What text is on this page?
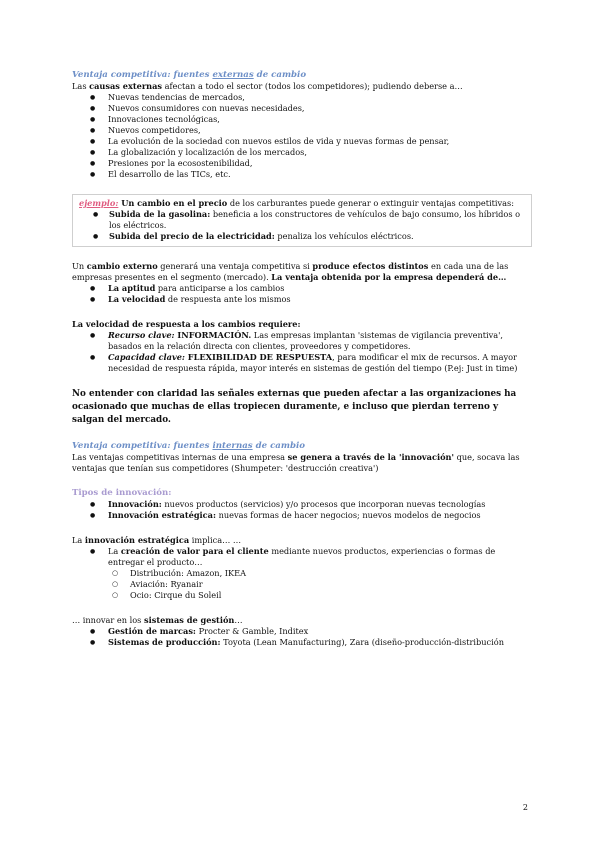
Ventaja competitiva: fuentes externas de cambio

Las causas externas afectan a todo el sector (todos los competidores); pudiendo deberse a…

● Nuevas tendencias de mercados,
● Nuevos consumidores con nuevas necesidades,
● Innovaciones tecnológicas,
● Nuevos competidores,
● La evolución de la sociedad con nuevos estilos de vida y nuevas formas de pensar,
● La globalización y localización de los mercados,
● Presiones por la ecosostenibilidad,
● El desarrollo de las TICs, etc.

ejemplo: Un cambio en el precio de los carburantes puede generar o extinguir ventajas competitivas:

● Subida de la gasolina: beneficia a los constructores de vehículos de bajo consumo, los híbridos o los eléctricos.
● Subida del precio de la electricidad: penaliza los vehículos eléctricos.

Un cambio externo generará una ventaja competitiva si produce efectos distintos en cada una de las empresas presentes en el segmento (mercado). La ventaja obtenida por la empresa dependerá de…

● La aptitud para anticiparse a los cambios
● La velocidad de respuesta ante los mismos

La velocidad de respuesta a los cambios requiere:

● Recurso clave: INFORMACIÓN. Las empresas implantan 'sistemas de vigilancia preventiva', basados en la relación directa con clientes, proveedores y competidores.
● Capacidad clave: FLEXIBILIDAD DE RESPUESTA, para modificar el mix de recursos. A mayor necesidad de respuesta rápida, mayor interés en sistemas de gestión del tiempo (P.ej: Just in time)

No entender con claridad las señales externas que pueden afectar a las organizaciones ha ocasionado que muchas de ellas tropiecen duramente, e incluso que pierdan terreno y salgan del mercado.

Ventaja competitiva: fuentes internas de cambio

Las ventajas competitivas internas de una empresa se genera a través de la 'innovación' que, socava las ventajas que tenían sus competidores (Shumpeter: 'destrucción creativa')

Tipos de innovación:

● Innovación: nuevos productos (servicios) y/o procesos que incorporan nuevas tecnologías
● Innovación estratégica: nuevas formas de hacer negocios; nuevos modelos de negocios

La innovación estratégica implica… …

● La creación de valor para el cliente mediante nuevos productos, experiencias o formas de entregar el producto…
○ Distribución: Amazon, IKEA
○ Aviación: Ryanair
○ Ocio: Cirque du Soleil

… innovar en los sistemas de gestión…

● Gestión de marcas: Procter & Gamble, Inditex
● Sistemas de producción: Toyota (Lean Manufacturing), Zara (diseño-producción-distribución
2
